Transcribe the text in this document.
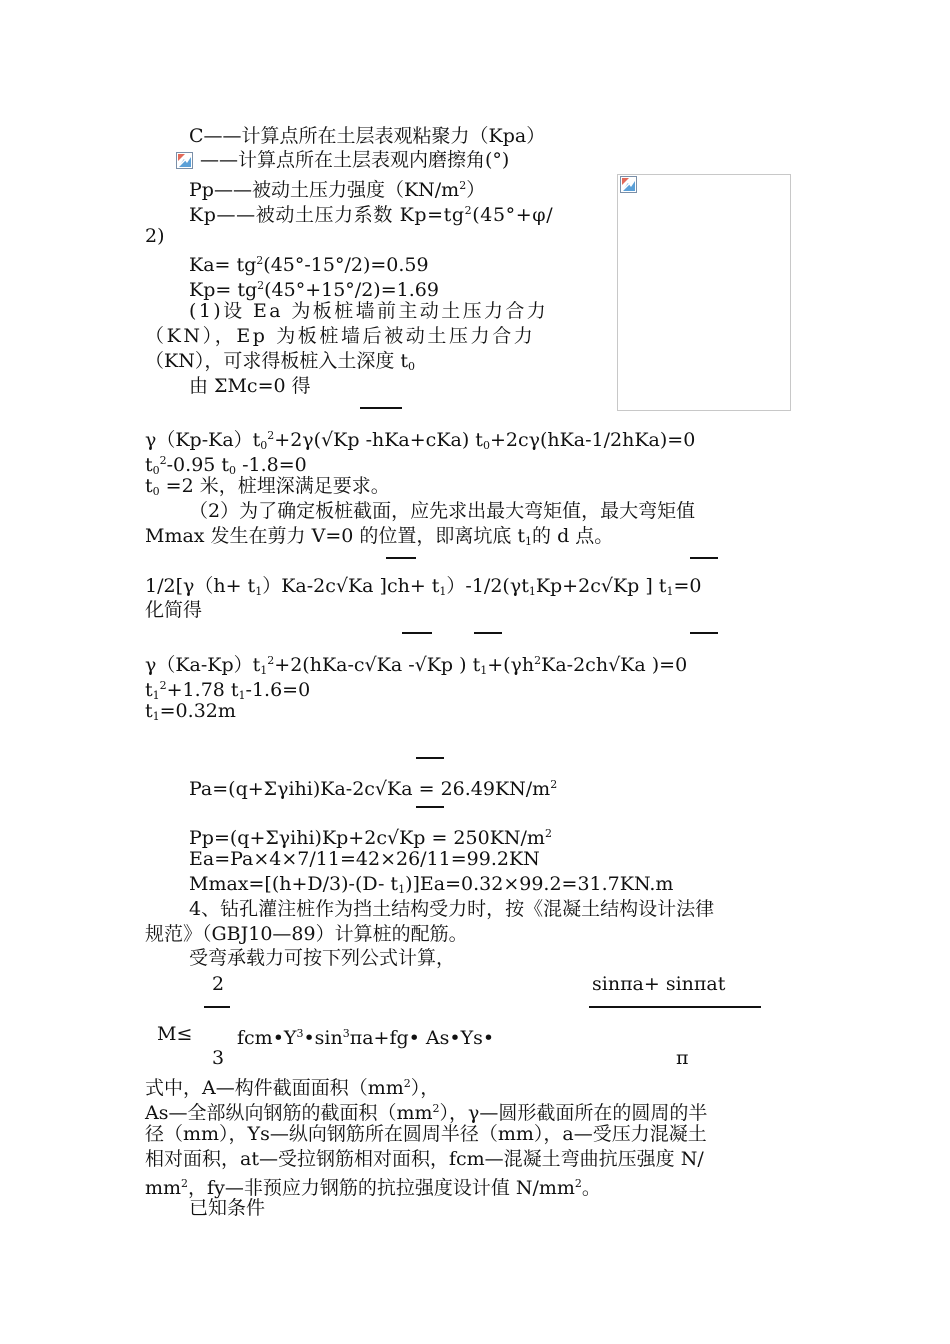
C——计算点所在土层表观粘聚力（Kpa）
——计算点所在土层表观内磨擦角(°)
Pp——被动土压力强度$(KN/m^2)$
Kp——被动土压力系数 $Kp=tg^2(45^\circ+\varphi/$
2)
$Ka= tg^2(45^\circ-15^\circ/2)=0.59$
$Kp= tg^2(45^\circ+15^\circ/2)=1.69$
(1)设 Ea 为板桩墙前主动土压力合力
（KN），Ep 为板桩墙后被动土压力合力
（KN），可求得板桩入土深度 $t_0$
由 ΣMc=0 得
$\gamma(Kp-Ka)t_0^2+2\gamma(√Kp$ -hKa+cKa) $t_0+2c\gamma(hKa-1/2hKa)=0$
$t_0^2-0.95$ $t_0$ -1.8=0
$t_0 =2$ 米，桩埋深满足要求。
（2）为了确定板桩截面，应先求出最大弯矩值，最大弯矩值
Mmax 发生在剪力 V=0 的位置，即离坑底 $t_1$的 d 点。
$1/2[\gamma(h+ t_1)Ka-2c√Ka$ ]$ch+ t_1)-1/2(\gamma t_1Kp+2c√Kp$ ] $t_1=0$
化简得
$\gamma(Ka-Kp)t_1^2+2(hKa-c√Ka$ -√Kp ) $t_1+(\gamma h^2Ka-2ch√Ka$ )=0
$t_1^2+1.78$ $t_1-1.6=0$
$t_1=0.32m$
$Pa=(q+\Sigma\gamma ihi)Ka-2c√Ka = 26.49KN/m^2$
$Pp=(q+\Sigma\gamma ihi)Kp+2c√Kp = 250KN/m^2$
Ea=Pa×4×7/11=42×26/11=99.2KN
Mmax=[(h+D/3)-(D- $t_1)]Ea=0.32\times 99.2=31.7KN.m$
4、钻孔灌注桩作为挡土结构受力时，按《混凝土结构设计法律
规范》（GBJ10—89）计算桩的配筋。
受弯承载力可按下列公式计算，
2	sinπa+ sinπat
$M\le fcm•\Upsilon^3•\sin^3\pi a+fg•$ As•Υs•
3	π
式中，A—构件截面面积$(mm^2)$，
As—全部纵向钢筋的截面积$(mm^2)$，γ—圆形截面所在的圆周的半
径（mm），Υs—纵向钢筋所在圆周半径（mm），a—受压力混凝土
相对面积，at—受拉钢筋相对面积，fcm—混凝土弯曲抗压强度 N/
$mm^2$，fy—非预应力钢筋的抗拉强度设计值 $N/mm^2$。
已知条件
